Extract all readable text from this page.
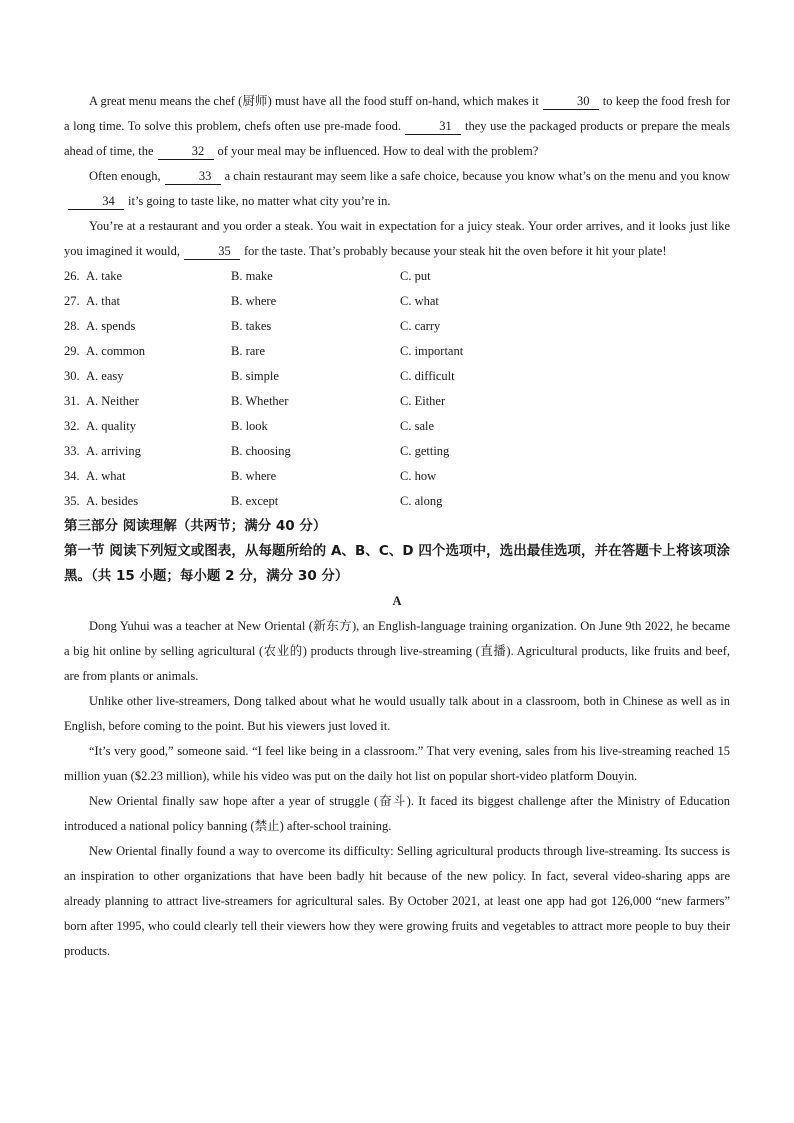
A great menu means the chef (厨师) must have all the food stuff on-hand, which makes it	30 to keep the food fresh for a long time. To solve this problem, chefs often use pre-made food.	31 they use the packaged products or prepare the meals ahead of time, the	32 of your meal may be influenced. How to deal with the problem?

Often enough,	33 a chain restaurant may seem like a safe choice, because you know what’s on the menu and you know34 it’s going to taste like, no matter what city you’re in.

You’re at a restaurant and you order a steak. You wait in expectation for a juicy steak. Your order arrives, and it looks just like you imagined it would,	35 for the taste. That’s probably because your steak hit the oven before it hit your plate!

26. A. take	B. make	C. put
27. A. that	B. where	C. what
28. A. spends	B. takes	C. carry
29. A. common	B. rare	C. important
30. A. easy	B. simple	C. difficult
31. A. Neither	B. Whether	C. Either
32. A. quality	B. look	C. sale
33. A. arriving	B. choosing	C. getting
34. A. what	B. where	C. how
35. A. besides	B. except	C. along

第三部分 阅读理解（共两节；满分 40 分）

第一节 阅读下列短文或图表，从每题所给的 A、B、C、D 四个选项中，选出最佳选项，并在答题卡上将该项涂黑。（共 15 小题；每小题 2 分，满分 30 分）

A

Dong Yuhui was a teacher at New Oriental (新东方), an English-language training organization. On June 9th 2022, he became a big hit online by selling agricultural (农业的) products through live-streaming (直播). Agricultural products, like fruits and beef, are from plants or animals.

Unlike other live-streamers, Dong talked about what he would usually talk about in a classroom, both in Chinese as well as in English, before coming to the point. But his viewers just loved it.

“It’s very good,” someone said. “I feel like being in a classroom.” That very evening, sales from his live-streaming reached 15 million yuan ($2.23 million), while his video was put on the daily hot list on popular short-video platform Douyin.

New Oriental finally saw hope after a year of struggle (奋斗). It faced its biggest challenge after the Ministry of Education introduced a national policy banning (禁止) after-school training.

New Oriental finally found a way to overcome its difficulty: Selling agricultural products through live-streaming. Its success is an inspiration to other organizations that have been badly hit because of the new policy. In fact, several video-sharing apps are already planning to attract live-streamers for agricultural sales. By October 2021, at least one app had got 126,000 “new farmers” born after 1995, who could clearly tell their viewers how they were growing fruits and vegetables to attract more people to buy their products.
